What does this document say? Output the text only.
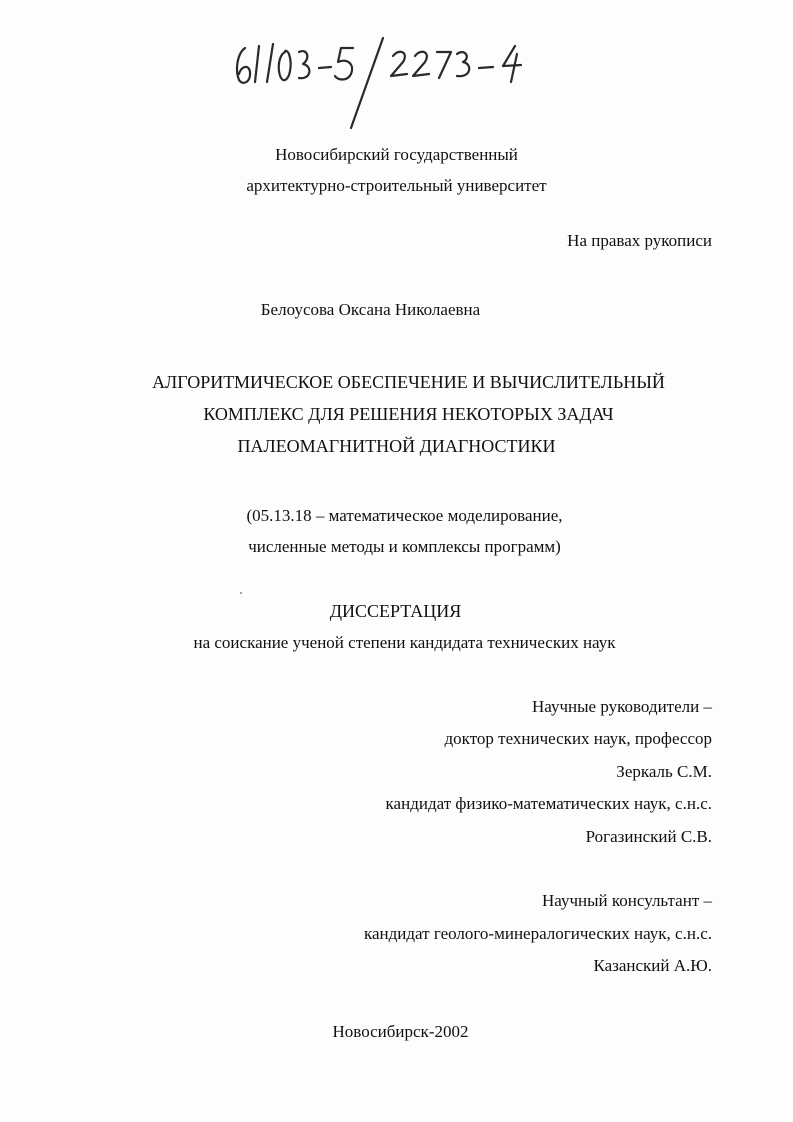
Новосибирский государственный
архитектурно-строительный университет
На правах рукописи
Белоусова Оксана Николаевна
АЛГОРИТМИЧЕСКОЕ ОБЕСПЕЧЕНИЕ И ВЫЧИСЛИТЕЛЬНЫЙ
КОМПЛЕКС ДЛЯ РЕШЕНИЯ НЕКОТОРЫХ ЗАДАЧ
ПАЛЕОМАГНИТНОЙ ДИАГНОСТИКИ
(05.13.18 – математическое моделирование,
численные методы и комплексы программ)
ДИССЕРТАЦИЯ
на соискание ученой степени кандидата технических наук
Научные руководители –
доктор технических наук, профессор
Зеркаль С.М.
кандидат физико-математических наук, с.н.с.
Рогазинский С.В.
Научный консультант –
кандидат геолого-минералогических наук, с.н.с.
Казанский А.Ю.
Новосибирск-2002
